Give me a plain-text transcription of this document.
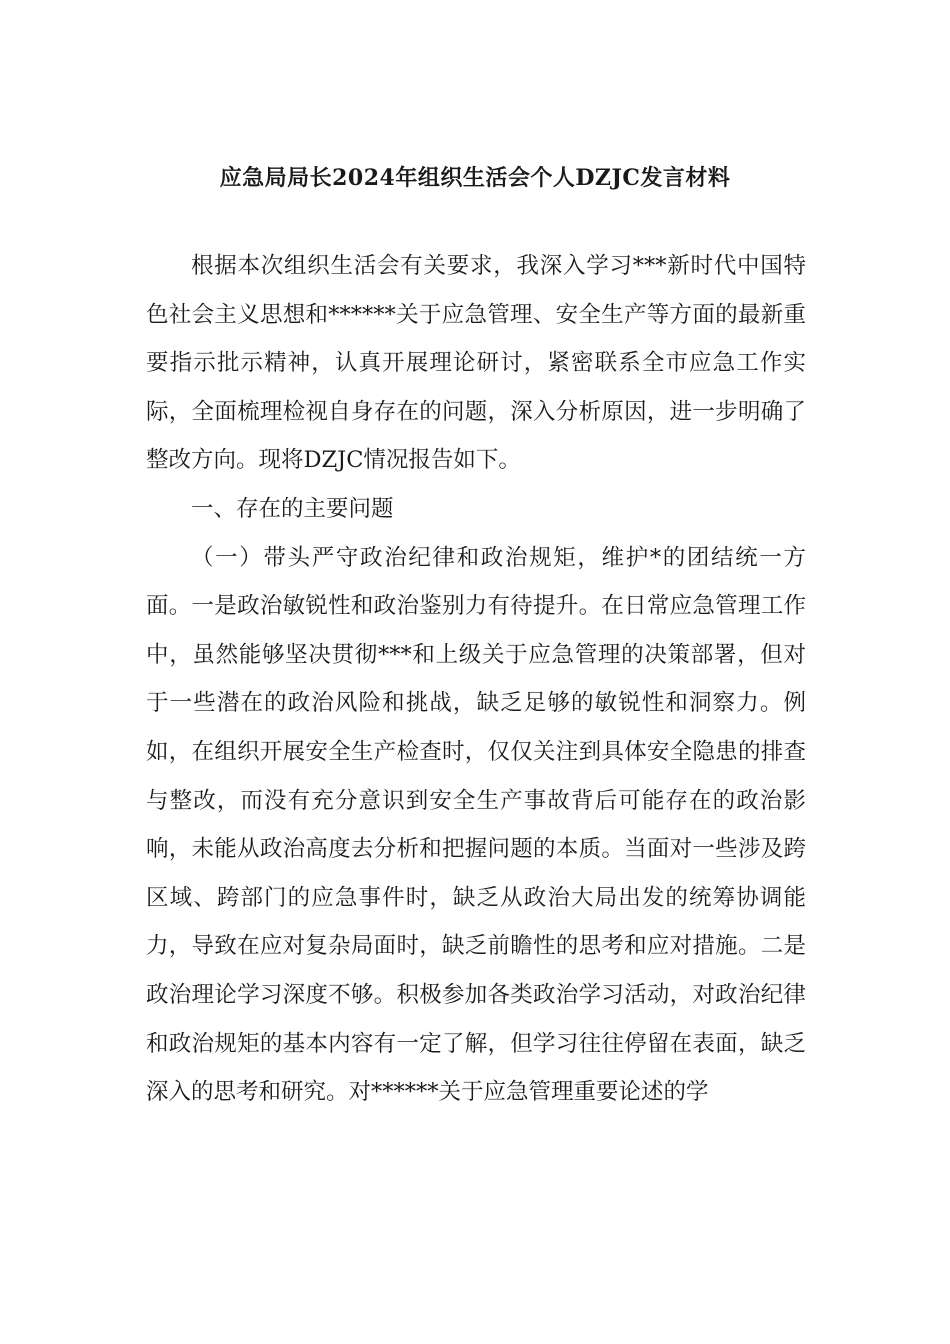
应急局局长2024年组织生活会个人DZJC发言材料

根据本次组织生活会有关要求，我深入学习***新时代中国特色社会主义思想和******关于应急管理、安全生产等方面的最新重要指示批示精神，认真开展理论研讨，紧密联系全市应急工作实际，全面梳理检视自身存在的问题，深入分析原因，进一步明确了整改方向。现将DZJC情况报告如下。

一、存在的主要问题

（一）带头严守政治纪律和政治规矩，维护*的团结统一方面。一是政治敏锐性和政治鉴别力有待提升。在日常应急管理工作中，虽然能够坚决贯彻***和上级关于应急管理的决策部署，但对于一些潜在的政治风险和挑战，缺乏足够的敏锐性和洞察力。例如，在组织开展安全生产检查时，仅仅关注到具体安全隐患的排查与整改，而没有充分意识到安全生产事故背后可能存在的政治影响，未能从政治高度去分析和把握问题的本质。当面对一些涉及跨区域、跨部门的应急事件时，缺乏从政治大局出发的统筹协调能力，导致在应对复杂局面时，缺乏前瞻性的思考和应对措施。二是政治理论学习深度不够。积极参加各类政治学习活动，对政治纪律和政治规矩的基本内容有一定了解，但学习往往停留在表面，缺乏深入的思考和研究。对******关于应急管理重要论述的学
